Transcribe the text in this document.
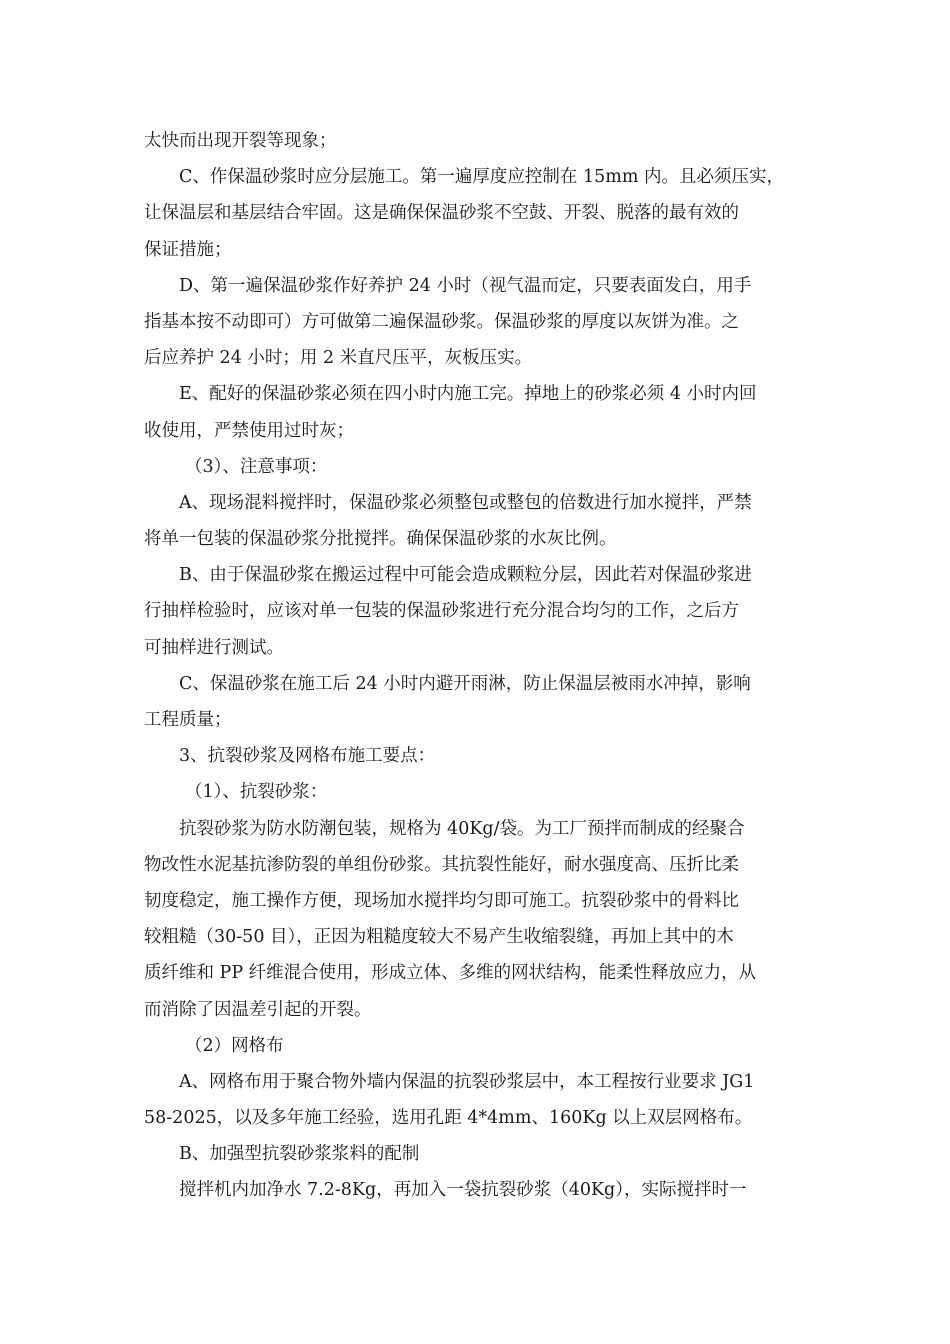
太快而出现开裂等现象；
C、作保温砂浆时应分层施工。第一遍厚度应控制在 15mm 内。且必须压实，
让保温层和基层结合牢固。这是确保保温砂浆不空鼓、开裂、脱落的最有效的
保证措施；
D、第一遍保温砂浆作好养护 24 小时（视气温而定，只要表面发白，用手
指基本按不动即可）方可做第二遍保温砂浆。保温砂浆的厚度以灰饼为准。之
后应养护 24 小时；用 2 米直尺压平，灰板压实。
E、配好的保温砂浆必须在四小时内施工完。掉地上的砂浆必须 4 小时内回
收使用，严禁使用过时灰；
（3）、注意事项：
A、现场混料搅拌时，保温砂浆必须整包或整包的倍数进行加水搅拌，严禁
将单一包装的保温砂浆分批搅拌。确保保温砂浆的水灰比例。
B、由于保温砂浆在搬运过程中可能会造成颗粒分层，因此若对保温砂浆进
行抽样检验时，应该对单一包装的保温砂浆进行充分混合均匀的工作，之后方
可抽样进行测试。
C、保温砂浆在施工后 24 小时内避开雨淋，防止保温层被雨水冲掉，影响
工程质量；
3、抗裂砂浆及网格布施工要点：
（1）、抗裂砂浆：
抗裂砂浆为防水防潮包装，规格为 40Kg/袋。为工厂预拌而制成的经聚合
物改性水泥基抗渗防裂的单组份砂浆。其抗裂性能好，耐水强度高、压折比柔
韧度稳定，施工操作方便，现场加水搅拌均匀即可施工。抗裂砂浆中的骨料比
较粗糙（30-50 目），正因为粗糙度较大不易产生收缩裂缝，再加上其中的木
质纤维和 PP 纤维混合使用，形成立体、多维的网状结构，能柔性释放应力，从
而消除了因温差引起的开裂。
（2）网格布
A、网格布用于聚合物外墙内保温的抗裂砂浆层中，本工程按行业要求 JG1
58-2025，以及多年施工经验，选用孔距 4*4mm、160Kg 以上双层网格布。
B、加强型抗裂砂浆浆料的配制
搅拌机内加净水 7.2-8Kg，再加入一袋抗裂砂浆（40Kg），实际搅拌时一
